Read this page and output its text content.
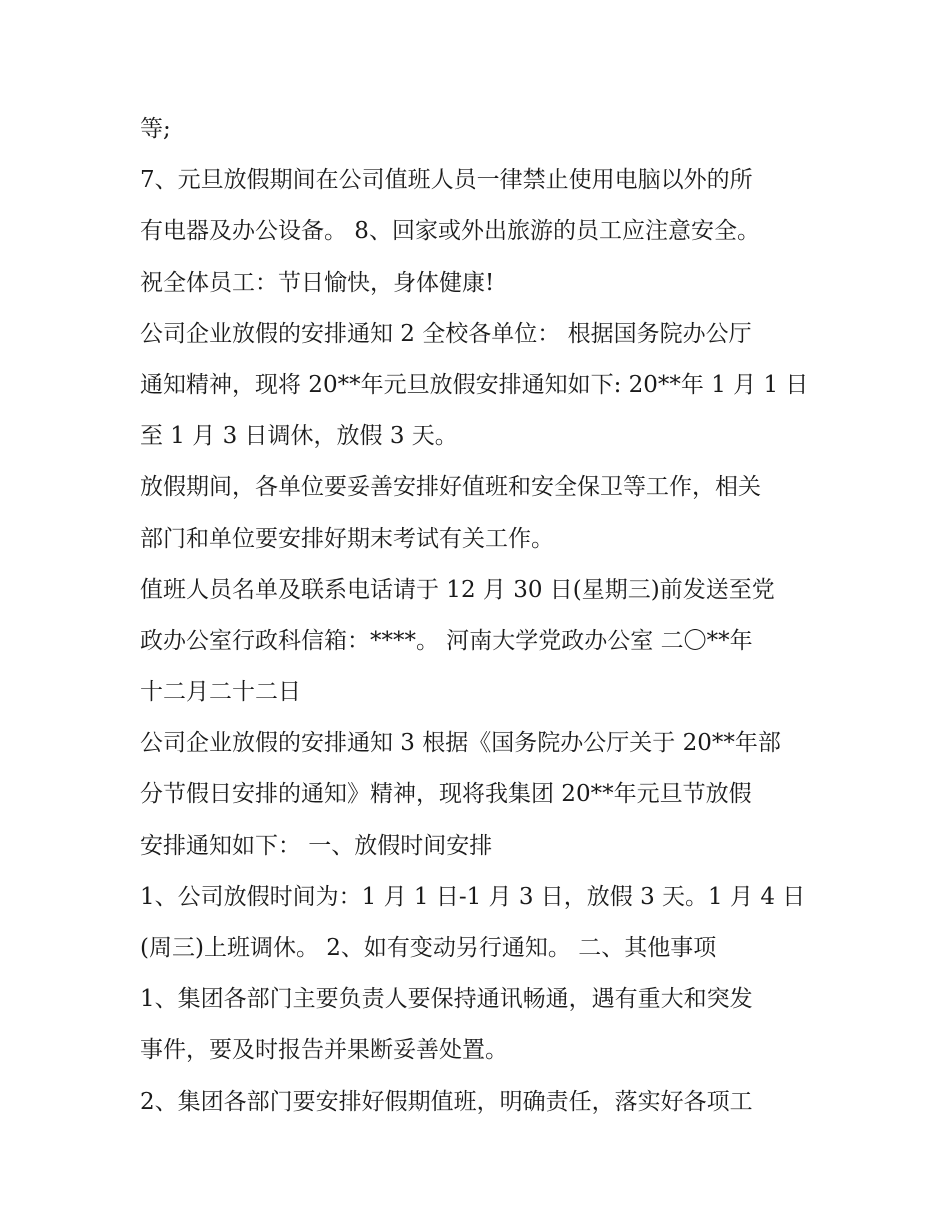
等;
7、元旦放假期间在公司值班人员一律禁止使用电脑以外的所
有电器及办公设备。 8、回家或外出旅游的员工应注意安全。
祝全体员工：节日愉快，身体健康!
公司企业放假的安排通知 2 全校各单位： 根据国务院办公厅
通知精神，现将 20**年元旦放假安排通知如下: 20**年 1 月 1 日
至 1 月 3 日调休，放假 3 天。
放假期间，各单位要妥善安排好值班和安全保卫等工作，相关
部门和单位要安排好期末考试有关工作。
值班人员名单及联系电话请于 12 月 30 日(星期三)前发送至党
政办公室行政科信箱：****。 河南大学党政办公室 二〇**年
十二月二十二日
公司企业放假的安排通知 3 根据《国务院办公厅关于 20**年部
分节假日安排的通知》精神，现将我集团 20**年元旦节放假
安排通知如下： 一、放假时间安排
1、公司放假时间为：1 月 1 日-1 月 3 日，放假 3 天。1 月 4 日
(周三)上班调休。 2、如有变动另行通知。 二、其他事项
1、集团各部门主要负责人要保持通讯畅通，遇有重大和突发
事件，要及时报告并果断妥善处置。
2、集团各部门要安排好假期值班，明确责任，落实好各项工
